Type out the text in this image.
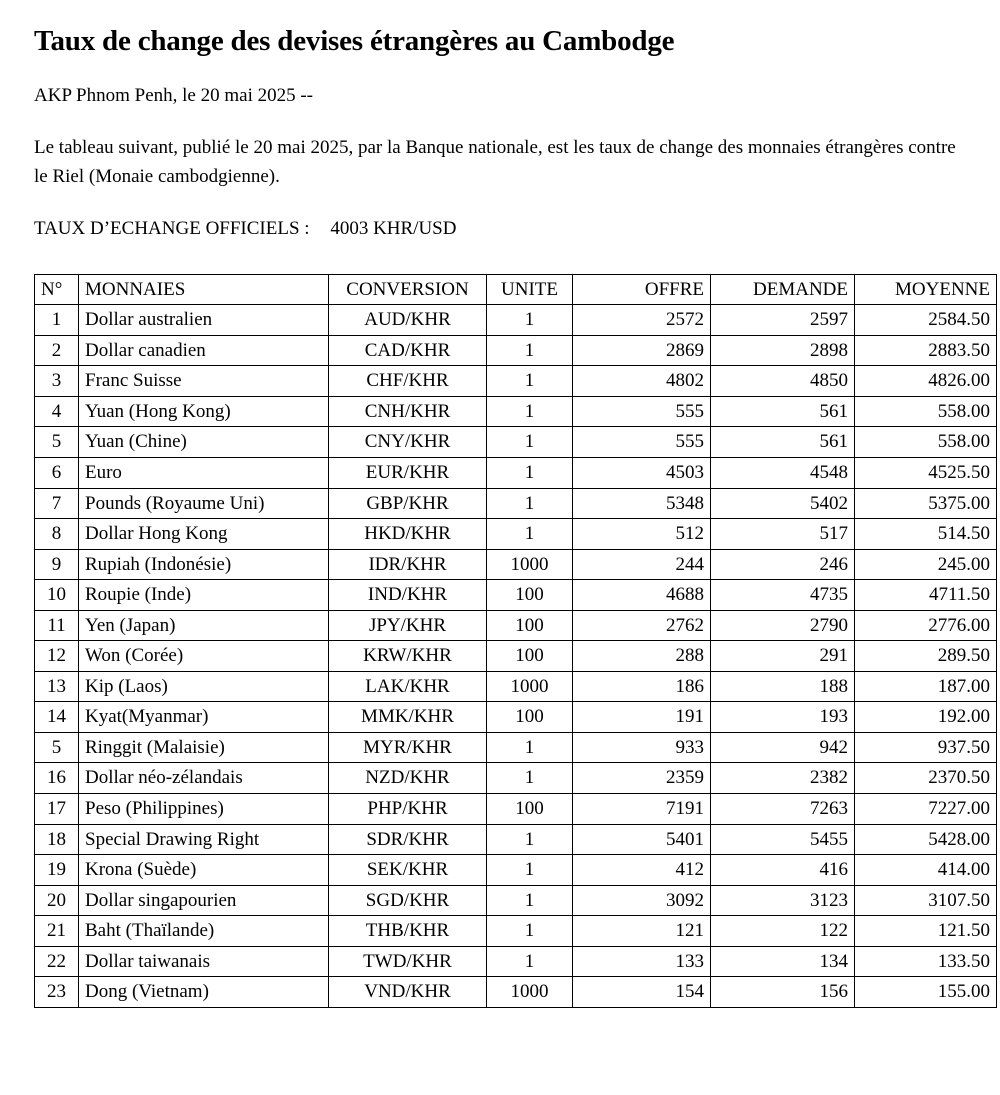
Taux de change des devises étrangères au Cambodge

AKP Phnom Penh, le 20 mai 2025 --

Le tableau suivant, publié le 20 mai 2025, par la Banque nationale, est les taux de change des monnaies étrangères contre le Riel (Monaie cambodgienne).

TAUX D’ECHANGE OFFICIELS : 4003 KHR/USD

N°	MONNAIES	CONVERSION	UNITE	OFFRE	DEMANDE	MOYENNE
1	Dollar australien	AUD/KHR	1	2572	2597	2584.50
2	Dollar canadien	CAD/KHR	1	2869	2898	2883.50
3	Franc Suisse	CHF/KHR	1	4802	4850	4826.00
4	Yuan (Hong Kong)	CNH/KHR	1	555	561	558.00
5	Yuan (Chine)	CNY/KHR	1	555	561	558.00
6	Euro	EUR/KHR	1	4503	4548	4525.50
7	Pounds (Royaume Uni)	GBP/KHR	1	5348	5402	5375.00
8	Dollar Hong Kong	HKD/KHR	1	512	517	514.50
9	Rupiah (Indonésie)	IDR/KHR	1000	244	246	245.00
10	Roupie (Inde)	IND/KHR	100	4688	4735	4711.50
11	Yen (Japan)	JPY/KHR	100	2762	2790	2776.00
12	Won (Corée)	KRW/KHR	100	288	291	289.50
13	Kip (Laos)	LAK/KHR	1000	186	188	187.00
14	Kyat(Myanmar)	MMK/KHR	100	191	193	192.00
5	Ringgit (Malaisie)	MYR/KHR	1	933	942	937.50
16	Dollar néo-zélandais	NZD/KHR	1	2359	2382	2370.50
17	Peso (Philippines)	PHP/KHR	100	7191	7263	7227.00
18	Special Drawing Right	SDR/KHR	1	5401	5455	5428.00
19	Krona (Suède)	SEK/KHR	1	412	416	414.00
20	Dollar singapourien	SGD/KHR	1	3092	3123	3107.50
21	Baht (Thaïlande)	THB/KHR	1	121	122	121.50
22	Dollar taiwanais	TWD/KHR	1	133	134	133.50
23	Dong (Vietnam)	VND/KHR	1000	154	156	155.00
